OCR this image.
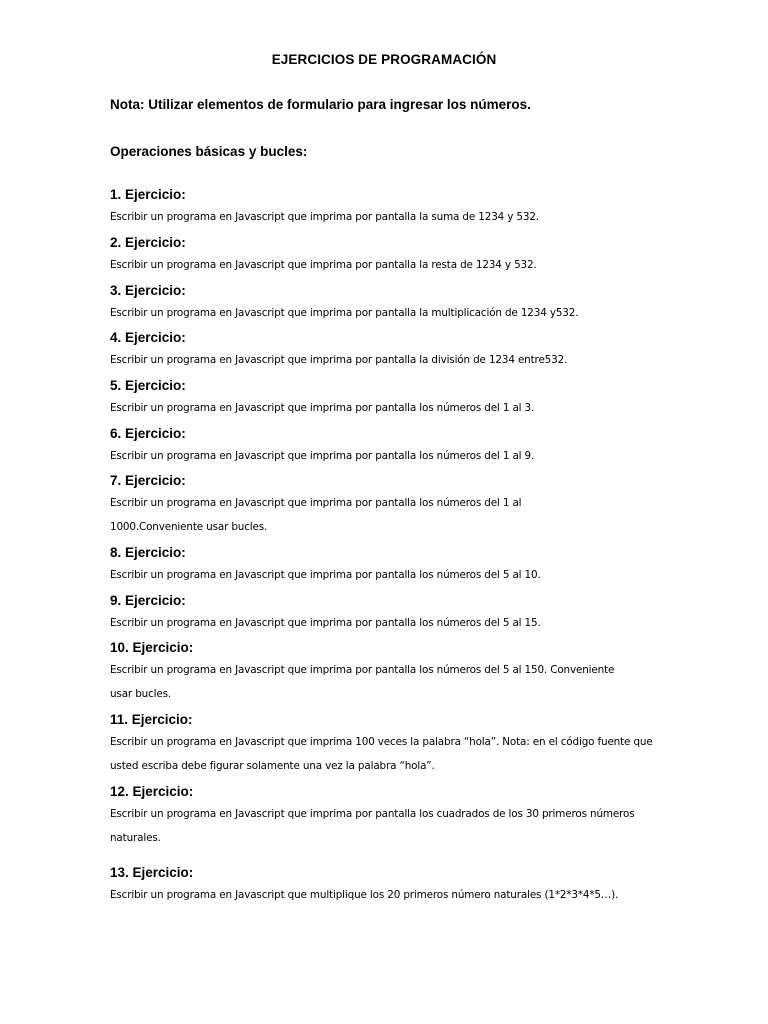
EJERCICIOS DE PROGRAMACIÓN
Nota: Utilizar elementos de formulario para ingresar los números.
Operaciones básicas y bucles:
1. Ejercicio:
Escribir un programa en Javascript que imprima por pantalla la suma de 1234 y 532.
2. Ejercicio:
Escribir un programa en Javascript que imprima por pantalla la resta de 1234 y 532.
3. Ejercicio:
Escribir un programa en Javascript que imprima por pantalla la multiplicación de 1234 y532.
4. Ejercicio:
Escribir un programa en Javascript que imprima por pantalla la división de 1234 entre532.
5. Ejercicio:
Escribir un programa en Javascript que imprima por pantalla los números del 1 al 3.
6. Ejercicio:
Escribir un programa en Javascript que imprima por pantalla los números del 1 al 9.
7. Ejercicio:
Escribir un programa en Javascript que imprima por pantalla los números del 1 al 1000.Conveniente usar bucles.
8. Ejercicio:
Escribir un programa en Javascript que imprima por pantalla los números del 5 al 10.
9. Ejercicio:
Escribir un programa en Javascript que imprima por pantalla los números del 5 al 15.
10. Ejercicio:
Escribir un programa en Javascript que imprima por pantalla los números del 5 al 150. Conveniente usar bucles.
11. Ejercicio:
Escribir un programa en Javascript que imprima 100 veces la palabra “hola”. Nota: en el código fuente que usted escriba debe figurar solamente una vez la palabra “hola”.
12. Ejercicio:
Escribir un programa en Javascript que imprima por pantalla los cuadrados de los 30 primeros números naturales.
13. Ejercicio:
Escribir un programa en Javascript que multiplique los 20 primeros número naturales (1*2*3*4*5…).
